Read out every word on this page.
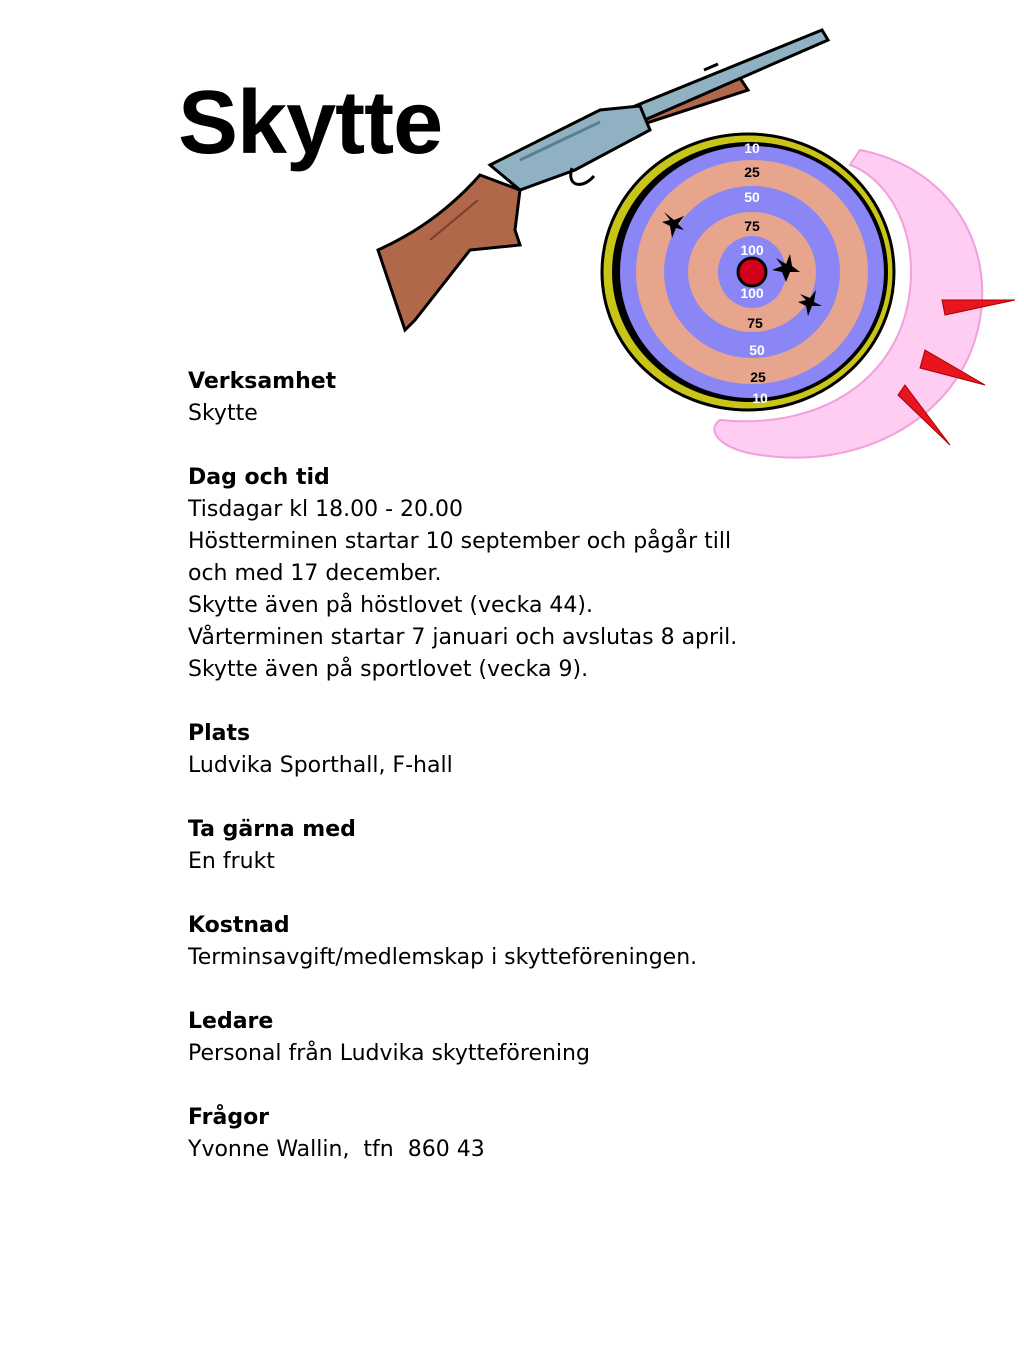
Skytte	10
25
50
75
100
100
75
50
25
10
Verksamhet
Skytte
Dag och tid
Tisdagar kl 18.00 - 20.00
Höstterminen startar 10 september och pågår till
och med 17 december.
Skytte även på höstlovet (vecka 44).
Vårterminen startar 7 januari och avslutas 8 april.
Skytte även på sportlovet (vecka 9).
Plats
Ludvika Sporthall, F-hall
Ta gärna med
En frukt
Kostnad
Terminsavgift/medlemskap i skytteföreningen.
Ledare
Personal från Ludvika skytteförening
Frågor
Yvonne Wallin,  tfn  860 43
